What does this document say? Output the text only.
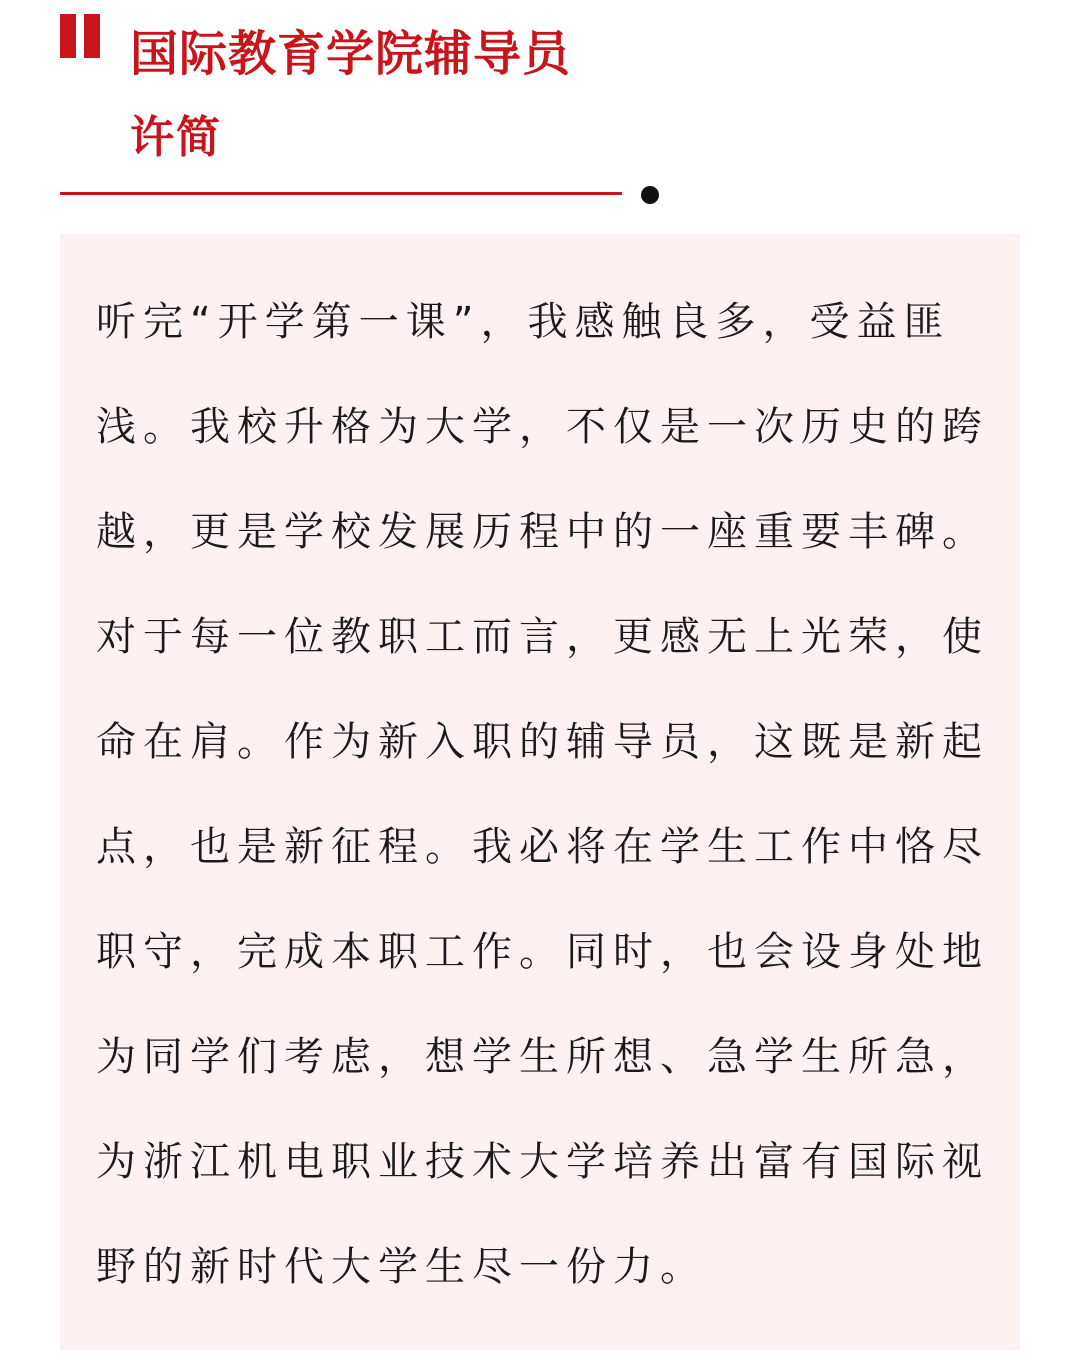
国际教育学院辅导员
许简

听完“开学第一课”，我感触良多，受益匪
浅。我校升格为大学，不仅是一次历史的跨
越，更是学校发展历程中的一座重要丰碑。
对于每一位教职工而言，更感无上光荣，使
命在肩。作为新入职的辅导员，这既是新起
点，也是新征程。我必将在学生工作中恪尽
职守，完成本职工作。同时，也会设身处地
为同学们考虑，想学生所想、急学生所急，
为浙江机电职业技术大学培养出富有国际视
野的新时代大学生尽一份力。
